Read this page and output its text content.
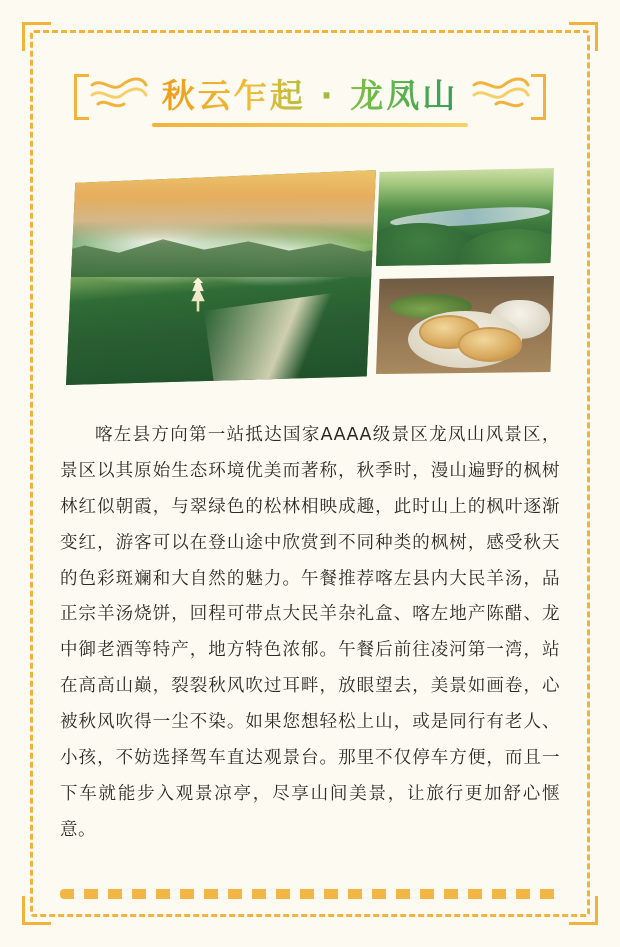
秋云乍起 · 龙凤山

喀左县方向第一站抵达国家AAAA级景区龙凤山风景区，景区以其原始生态环境优美而著称，秋季时，漫山遍野的枫树林红似朝霞，与翠绿色的松林相映成趣，此时山上的枫叶逐渐变红，游客可以在登山途中欣赏到不同种类的枫树，感受秋天的色彩斑斓和大自然的魅力。午餐推荐喀左县内大民羊汤，品正宗羊汤烧饼，回程可带点大民羊杂礼盒、喀左地产陈醋、龙中御老酒等特产，地方特色浓郁。午餐后前往凌河第一湾，站在高高山巅，裂裂秋风吹过耳畔，放眼望去，美景如画卷，心被秋风吹得一尘不染。如果您想轻松上山，或是同行有老人、小孩，不妨选择驾车直达观景台。那里不仅停车方便，而且一下车就能步入观景凉亭，尽享山间美景，让旅行更加舒心惬意。
